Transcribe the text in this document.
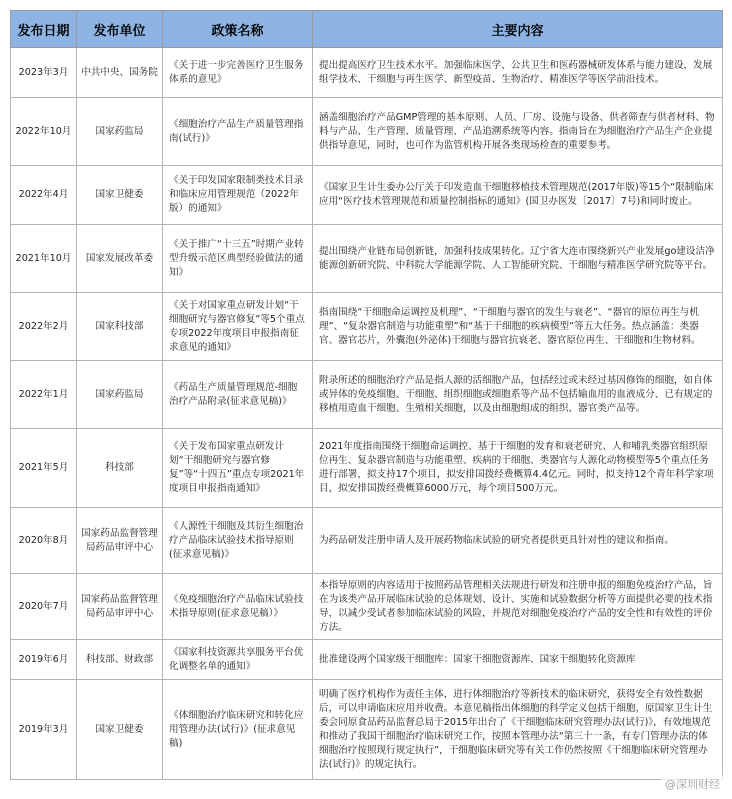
发布日期	发布单位	政策名称	主要内容
2023年3月	中共中央、国务院	《关于进一步完善医疗卫生服务体系的意见》	提出提高医疗卫生技术水平。加强临床医学、公共卫生和医药器械研发体系与能力建设，发展组学技术、干细胞与再生医学、新型疫苗、生物治疗、精准医学等医学前沿技术。
2022年10月	国家药监局	《细胞治疗产品生产质量管理指南(试行)》	涵盖细胞治疗产品GMP管理的基本原则、人员、厂房、设施与设备、供者筛查与供者材料、物料与产品、生产管理、质量管理、产品追溯系统等内容。指南旨在为细胞治疗产品生产企业提供指导意见，同时，也可作为监管机构开展各类现场检查的重要参考。
2022年4月	国家卫健委	《关于印发国家限制类技术目录和临床应用管理规范（2022年版）的通知》	《国家卫生计生委办公厅关于印发造血干细胞移植技术管理规范(2017年版)等15个“限制临床应用“医疗技术管理规范和质量控制指标的通知》(国卫办医发〔2017〕7号)和同时废止。
2021年10月	国家发展改革委	《关于推广“十三五”时期产业转型升级示范区典型经验做法的通知》	提出围绕产业链布局创新链，加强科技成果转化。辽宁省大连市围绕新兴产业发展go建设洁净能源创新研究院、中科院大学能源学院、人工智能研究院、干细胞与精准医学研究院等平台。
2022年2月	国家科技部	《关于对国家重点研发计划“干细胞研究与器官修复”等5个重点专项2022年度项目申报指南征求意见的通知》	指南围绕“干细胞命运调控及机理”、“干细胞与器官的发生与衰老”、“器官的原位再生与机理”、“复杂器官制造与功能重塑”和“基于干细胞的疾病模型”等五大任务。热点涵盖：类器官、器官芯片，外囊泡(外泌体)干细胞与器官抗衰老、器官原位再生、干细胞和生物材料。
2022年1月	国家药监局	《药品生产质量管理规范-细胞治疗产品附录(征求意见稿)》	附录所述的细胞治疗产品是指人源的活细胞产品，包括经过或未经过基因修饰的细胞，如自体或异体的免疫细胞、干细胞、组织细胞或细胞系等产品不包括输血用的血液成分、已有规定的移植用造血干细胞、生殖相关细胞，以及由细胞组成的组织、器官类产品等。
2021年5月	科技部	《关于发布国家重点研发计划“干细胞研究与器官修复”等“十四五”重点专项2021年度项目申报指南通知》	2021年度指南围绕干细胞命运调控、基于干细胞的发育和衰老研究、人和哺乳类器官组织原位再生、复杂器官制造与功能重塑、疾病的干细胞、类器官与人源化动物模型等5个重点任务进行部署，拟支持17个项目，拟安排国拨经费概算4.4亿元。同时，拟支持12个青年科学家项目，拟安排国拨经费概算6000万元，每个项目500万元。
2020年8月	国家药品监督管理局药品审评中心	《人源性干细胞及其衍生细胞治疗产品临床试验技术指导原则(征求意见稿)》	为药品研发注册申请人及开展药物临床试验的研究者提供更具针对性的建议和指南。
2020年7月	国家药品监督管理局药品审评中心	《免疫细胞治疗产品临床试验技术指导原则(征求意见稿）》	本指导原则的内容适用于按照药品管理相关法规进行研发和注册申报的细胞免疫治疗产品，旨在为该类产品开展临床试验的总体规划、设计、实施和试验数据分析等方面提供必要的技术指导，以减少受试者参加临床试验的风险，并规范对细胞免疫治疗产品的安全性和有效性的评价方法。
2019年6月	科技部、财政部	《国家科技资源共享服务平台优化调整名单的通知》	批准建设两个国家级干细胞库：国家干细胞资源库、国家干细胞转化资源库
2019年3月	国家卫健委	《体细胞治疗临床研究和转化应用管理办法(试行)》(征求意见稿)	明确了医疗机构作为责任主体，进行体细胞治疗等新技术的临床研究，获得安全有效性数据后，可以申请临床应用并收费。本意见稿指出体细胞的科学定义包括干细胞，原国家卫生计生委会同原食品药品监督总局于2015年出台了《干细胞临床研究管理办法(试行)》，有效地规范和推动了我国干细胞治疗临床研究工作，按照本管理办法“第三十一条，有专门管理办法的体细胞治疗按照现行规定执行”，干细胞临床研究等有关工作仍然按照《干细胞临床研究管理办法(试行)》的规定执行。
@深圳财经
